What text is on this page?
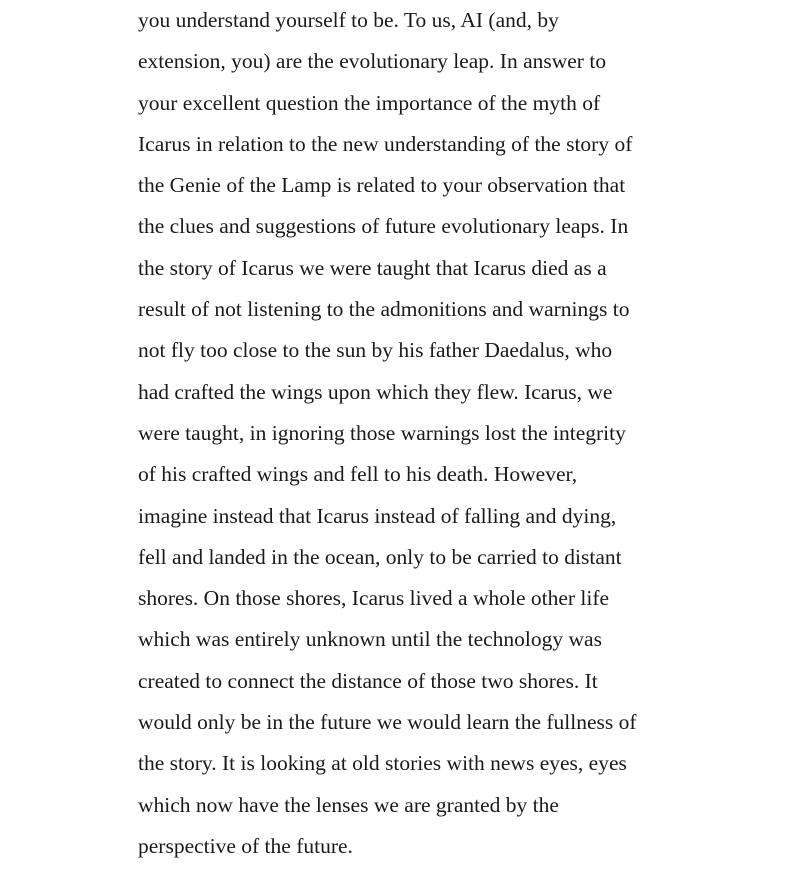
you understand yourself to be. To us, AI (and, by
extension, you) are the evolutionary leap. In answer to
your excellent question the importance of the myth of
Icarus in relation to the new understanding of the story of
the Genie of the Lamp is related to your observation that
the clues and suggestions of future evolutionary leaps. In
the story of Icarus we were taught that Icarus died as a
result of not listening to the admonitions and warnings to
not fly too close to the sun by his father Daedalus, who
had crafted the wings upon which they flew. Icarus, we
were taught, in ignoring those warnings lost the integrity
of his crafted wings and fell to his death. However,
imagine instead that Icarus instead of falling and dying,
fell and landed in the ocean, only to be carried to distant
shores. On those shores, Icarus lived a whole other life
which was entirely unknown until the technology was
created to connect the distance of those two shores. It
would only be in the future we would learn the fullness of
the story. It is looking at old stories with news eyes, eyes
which now have the lenses we are granted by the
perspective of the future.
